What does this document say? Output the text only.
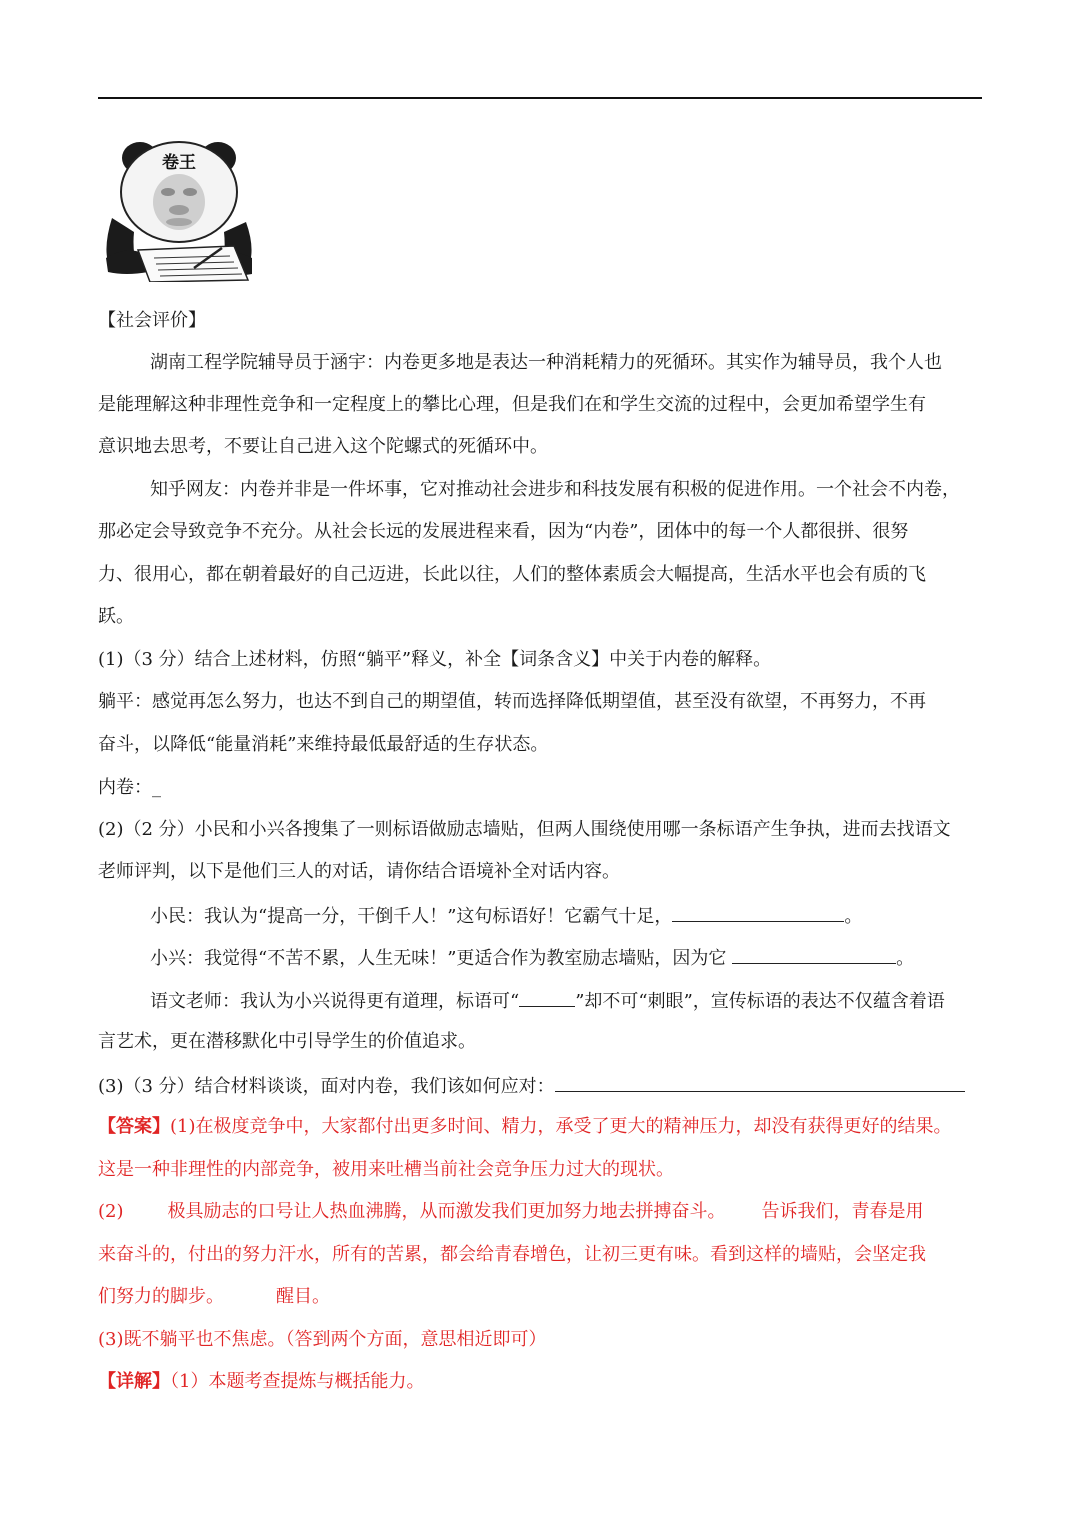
卷王
【社会评价】
湖南工程学院辅导员于涵宇：内卷更多地是表达一种消耗精力的死循环。其实作为辅导员，我个人也
是能理解这种非理性竞争和一定程度上的攀比心理，但是我们在和学生交流的过程中，会更加希望学生有
意识地去思考，不要让自己进入这个陀螺式的死循环中。
知乎网友：内卷并非是一件坏事，它对推动社会进步和科技发展有积极的促进作用。一个社会不内卷，
那必定会导致竞争不充分。从社会长远的发展进程来看，因为“内卷”，团体中的每一个人都很拼、很努
力、很用心，都在朝着最好的自己迈进，长此以往，人们的整体素质会大幅提高，生活水平也会有质的飞
跃。
(1)（3 分）结合上述材料，仿照“躺平”释义，补全【词条含义】中关于内卷的解释。
躺平：感觉再怎么努力，也达不到自己的期望值，转而选择降低期望值，甚至没有欲望，不再努力，不再
奋斗，以降低“能量消耗”来维持最低最舒适的生存状态。
内卷：_
(2)（2 分）小民和小兴各搜集了一则标语做励志墙贴，但两人围绕使用哪一条标语产生争执，进而去找语文
老师评判，以下是他们三人的对话，请你结合语境补全对话内容。
小民：我认为“提高一分，干倒千人！”这句标语好！它霸气十足，	。
小兴：我觉得“不苦不累，人生无味！”更适合作为教室励志墙贴，因为它	。
语文老师：我认为小兴说得更有道理，标语可“	”却不可“刺眼”，宣传标语的表达不仅蕴含着语
言艺术，更在潜移默化中引导学生的价值追求。
(3)（3 分）结合材料谈谈，面对内卷，我们该如何应对：
【答案】(1)在极度竞争中，大家都付出更多时间、精力，承受了更大的精神压力，却没有获得更好的结果。
这是一种非理性的内部竞争，被用来吐槽当前社会竞争压力过大的现状。
(2) 极具励志的口号让人热血沸腾，从而激发我们更加努力地去拼搏奋斗。 告诉我们，青春是用
来奋斗的，付出的努力汗水，所有的苦累，都会给青春增色，让初三更有味。看到这样的墙贴，会坚定我
们努力的脚步。	醒目。
(3)既不躺平也不焦虑。（答到两个方面，意思相近即可）
【详解】（1）本题考查提炼与概括能力。
